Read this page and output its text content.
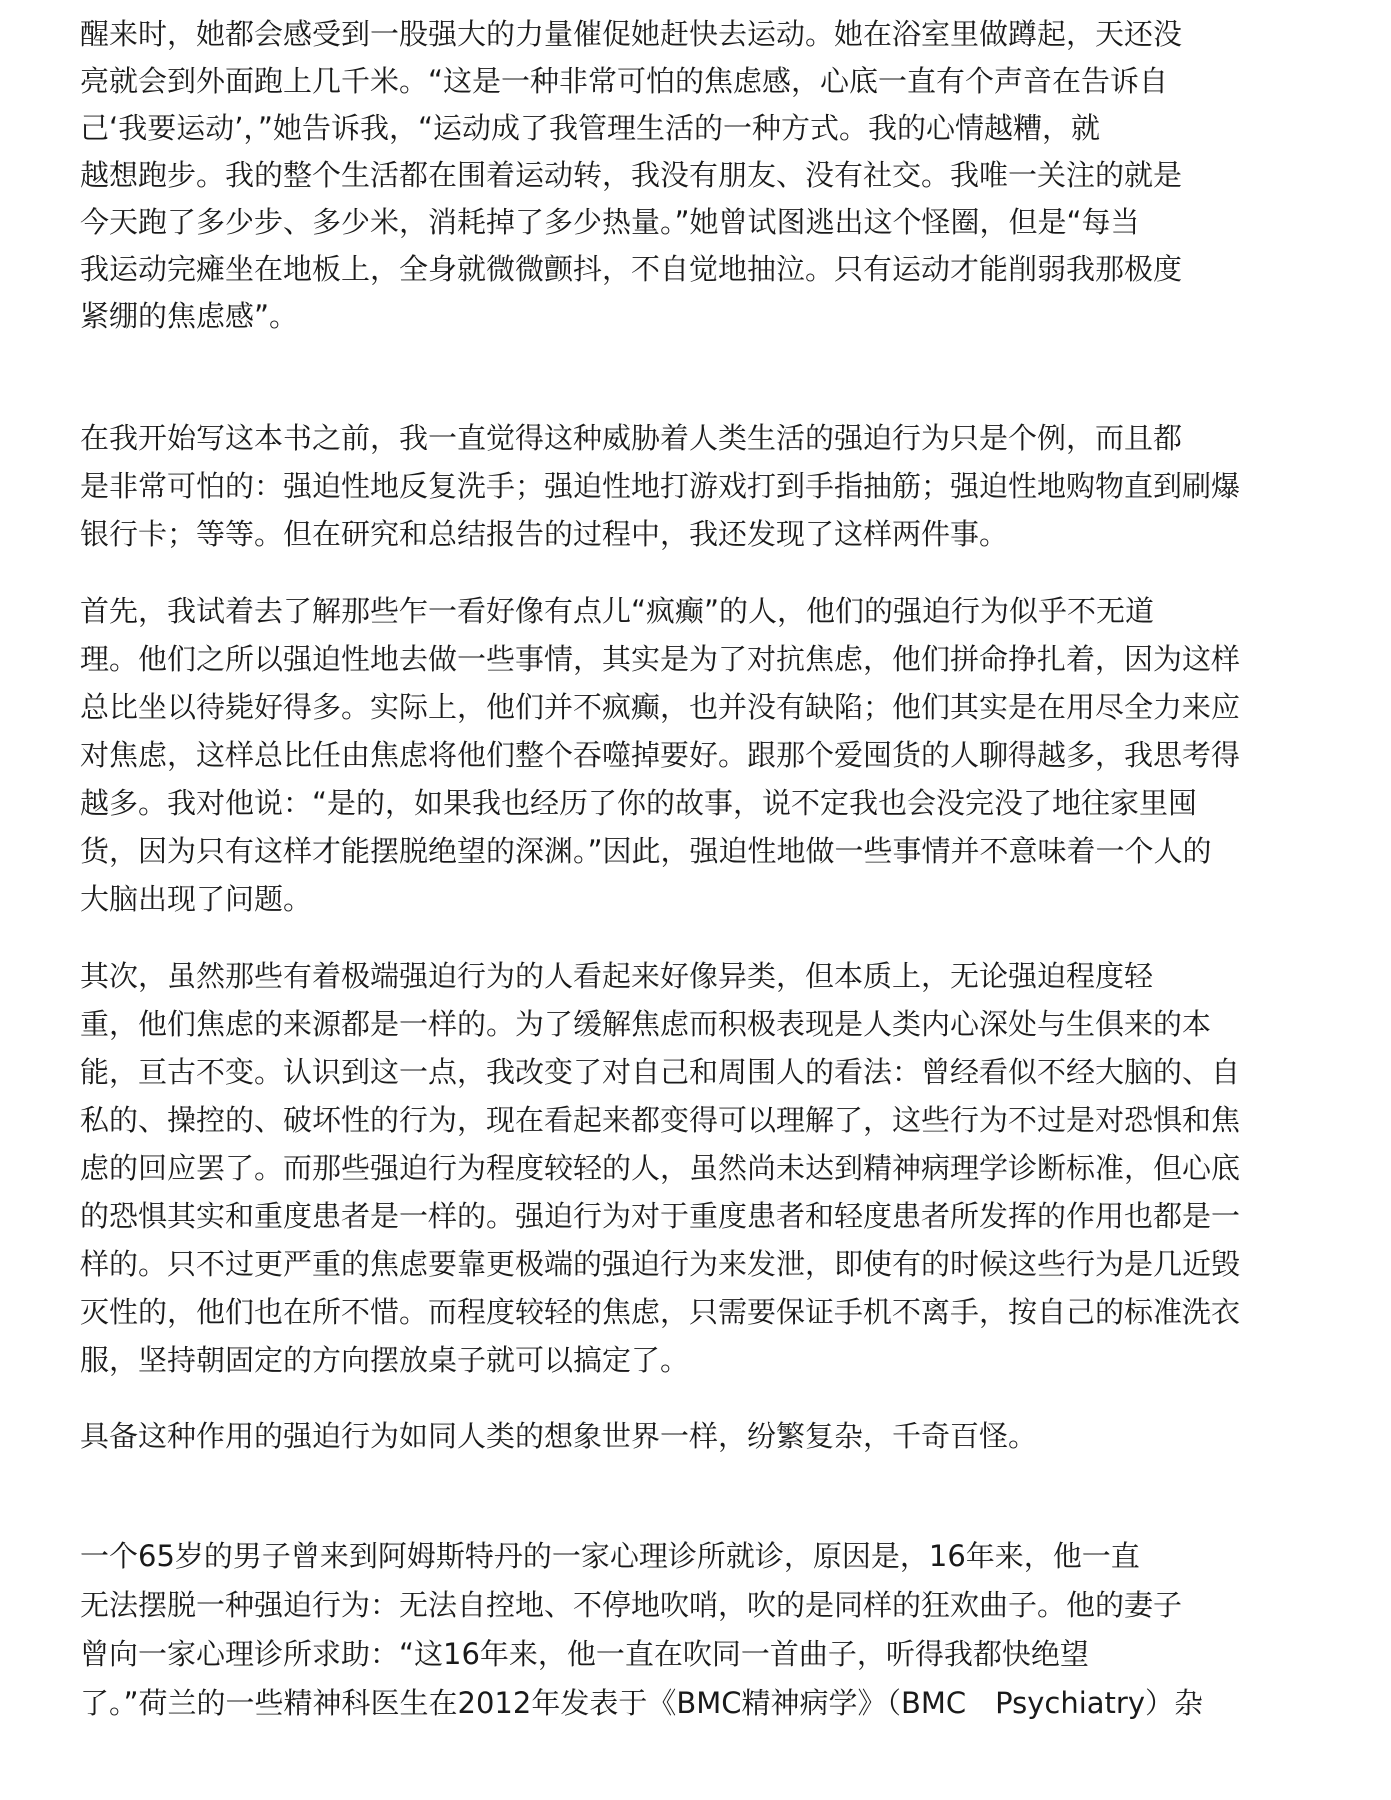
醒来时，她都会感受到一股强大的力量催促她赶快去运动。她在浴室里做蹲起，天还没
亮就会到外面跑上几千米。“这是一种非常可怕的焦虑感，心底一直有个声音在告诉自
己‘我要运动’，”她告诉我，“运动成了我管理生活的一种方式。我的心情越糟，就
越想跑步。我的整个生活都在围着运动转，我没有朋友、没有社交。我唯一关注的就是
今天跑了多少步、多少米，消耗掉了多少热量。”她曾试图逃出这个怪圈，但是“每当
我运动完瘫坐在地板上，全身就微微颤抖，不自觉地抽泣。只有运动才能削弱我那极度
紧绷的焦虑感”。
在我开始写这本书之前，我一直觉得这种威胁着人类生活的强迫行为只是个例，而且都
是非常可怕的：强迫性地反复洗手；强迫性地打游戏打到手指抽筋；强迫性地购物直到刷爆
银行卡；等等。但在研究和总结报告的过程中，我还发现了这样两件事。
首先，我试着去了解那些乍一看好像有点儿“疯癫”的人，他们的强迫行为似乎不无道
理。他们之所以强迫性地去做一些事情，其实是为了对抗焦虑，他们拼命挣扎着，因为这样
总比坐以待毙好得多。实际上，他们并不疯癫，也并没有缺陷；他们其实是在用尽全力来应
对焦虑，这样总比任由焦虑将他们整个吞噬掉要好。跟那个爱囤货的人聊得越多，我思考得
越多。我对他说：“是的，如果我也经历了你的故事，说不定我也会没完没了地往家里囤
货，因为只有这样才能摆脱绝望的深渊。”因此，强迫性地做一些事情并不意味着一个人的
大脑出现了问题。
其次，虽然那些有着极端强迫行为的人看起来好像异类，但本质上，无论强迫程度轻
重，他们焦虑的来源都是一样的。为了缓解焦虑而积极表现是人类内心深处与生俱来的本
能，亘古不变。认识到这一点，我改变了对自己和周围人的看法：曾经看似不经大脑的、自
私的、操控的、破坏性的行为，现在看起来都变得可以理解了，这些行为不过是对恐惧和焦
虑的回应罢了。而那些强迫行为程度较轻的人，虽然尚未达到精神病理学诊断标准，但心底
的恐惧其实和重度患者是一样的。强迫行为对于重度患者和轻度患者所发挥的作用也都是一
样的。只不过更严重的焦虑要靠更极端的强迫行为来发泄，即使有的时候这些行为是几近毁
灭性的，他们也在所不惜。而程度较轻的焦虑，只需要保证手机不离手，按自己的标准洗衣
服，坚持朝固定的方向摆放桌子就可以搞定了。
具备这种作用的强迫行为如同人类的想象世界一样，纷繁复杂，千奇百怪。
一个65岁的男子曾来到阿姆斯特丹的一家心理诊所就诊，原因是，16年来，他一直
无法摆脱一种强迫行为：无法自控地、不停地吹哨，吹的是同样的狂欢曲子。他的妻子
曾向一家心理诊所求助：“这16年来，他一直在吹同一首曲子，听得我都快绝望
了。”荷兰的一些精神科医生在2012年发表于《BMC精神病学》（BMC　Psychiatry）杂
